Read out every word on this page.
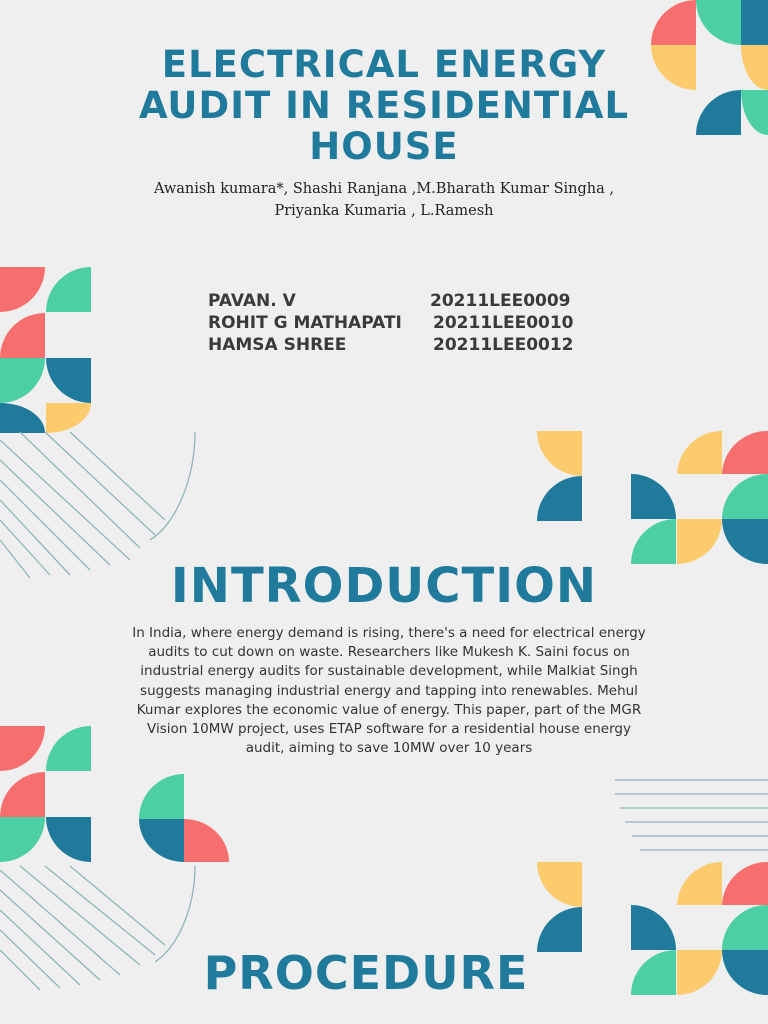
ELECTRICAL ENERGY
AUDIT IN RESIDENTIAL
HOUSE
Awanish kumara*, Shashi Ranjana ,M.Bharath Kumar Singha ,
Priyanka Kumaria , L.Ramesh
PAVAN. V	20211LEE0009
ROHIT G MATHAPATI 20211LEE0010
HAMSA SHREE	20211LEE0012
INTRODUCTION
In India, where energy demand is rising, there's a need for electrical energy
audits to cut down on waste. Researchers like Mukesh K. Saini focus on
industrial energy audits for sustainable development, while Malkiat Singh
suggests managing industrial energy and tapping into renewables. Mehul
Kumar explores the economic value of energy. This paper, part of the MGR
Vision 10MW project, uses ETAP software for a residential house energy
audit, aiming to save 10MW over 10 years
PROCEDURE
